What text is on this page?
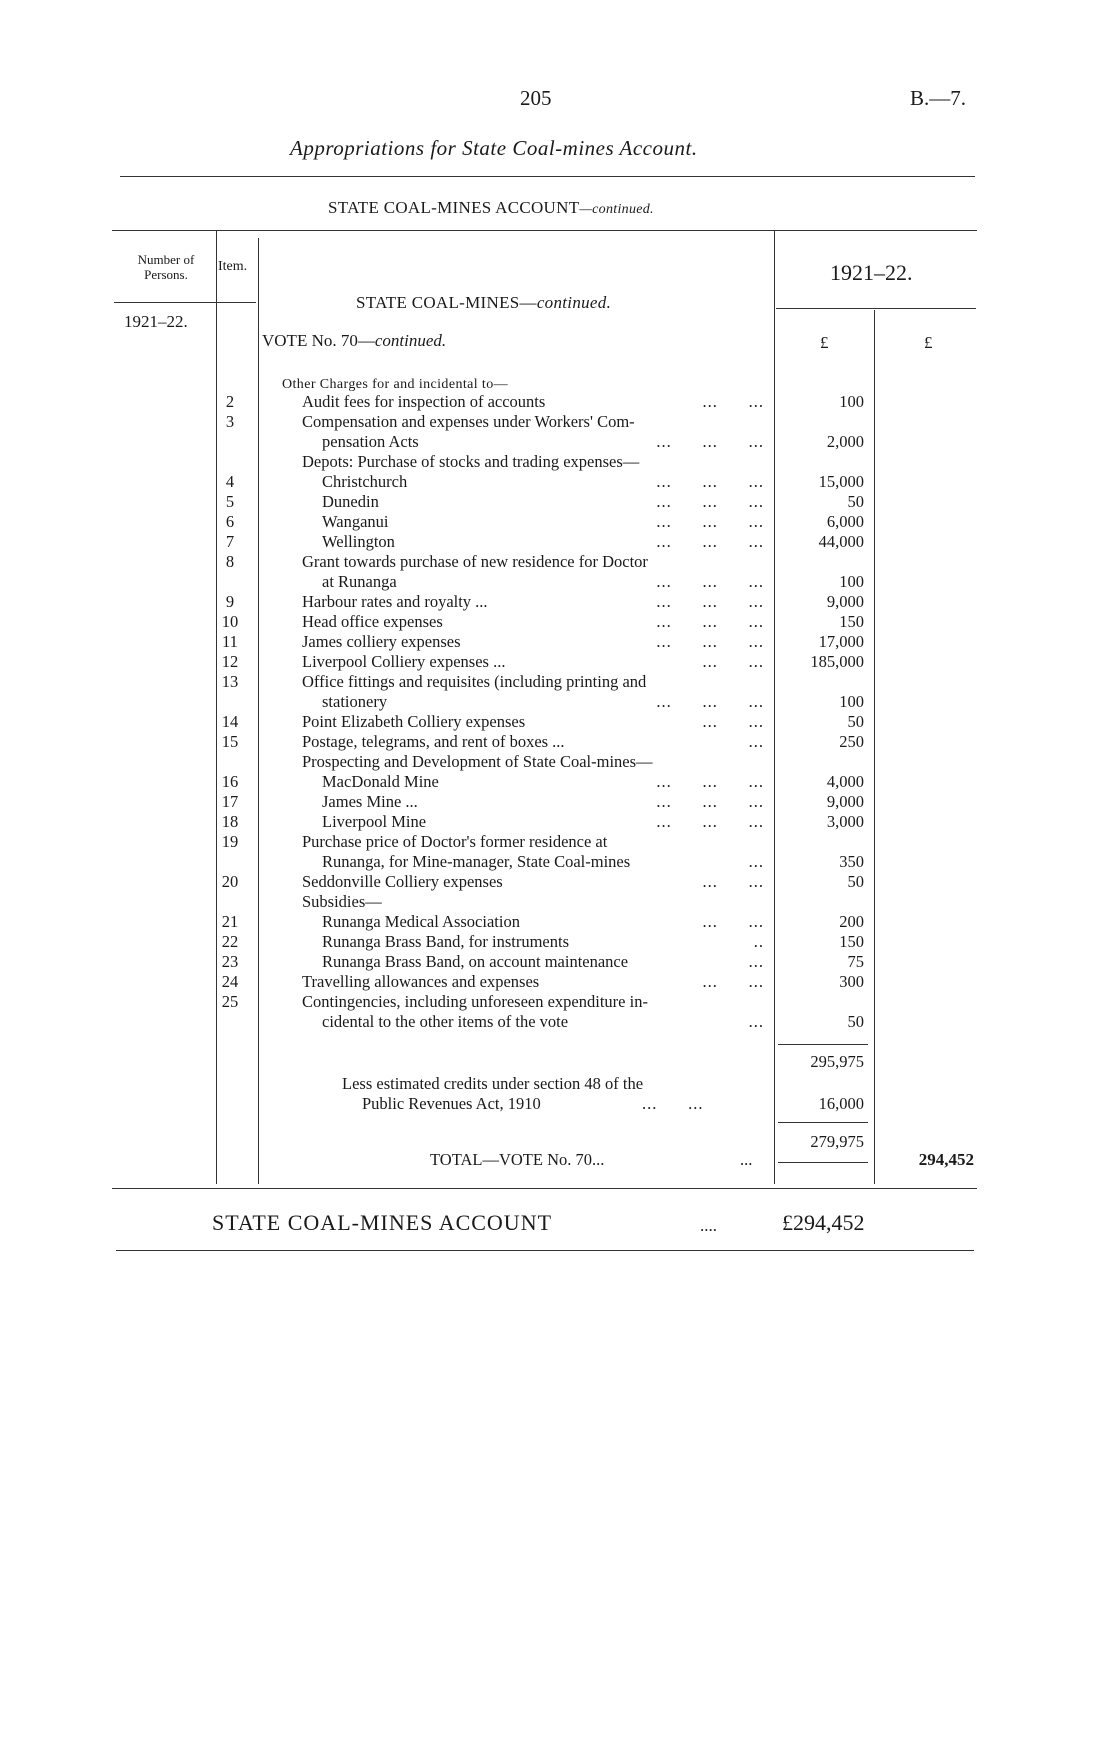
205	B.—7.
Appropriations for State Coal-mines Account.
STATE COAL-MINES ACCOUNT—continued.
Number of Persons.
Item.	1921–22.
1921–22.
STATE COAL-MINES—continued.
VOTE No. 70—continued.	£	£
Other Charges for and incidental to—
2	Audit fees for inspection of accounts	...      ...	100
3	Compensation and expenses under Workers' Com-
pensation Acts	...      ...      ...	2,000
Depots: Purchase of stocks and trading expenses—
4	Christchurch	...      ...      ...	15,000
5	Dunedin	...      ...      ...	50
6	Wanganui	...      ...      ...	6,000
7	Wellington	...      ...      ...	44,000
8	Grant towards purchase of new residence for Doctor
at Runanga	...      ...      ...	100
9	Harbour rates and royalty ...	...      ...      ...	9,000
10	Head office expenses	...      ...      ...	150
11	James colliery expenses	...      ...      ...	17,000
12	Liverpool Colliery expenses ...	...      ...	185,000
13	Office fittings and requisites (including printing and
stationery	...      ...      ...	100
14	Point Elizabeth Colliery expenses	...      ...	50
15	Postage, telegrams, and rent of boxes ...	...	250
Prospecting and Development of State Coal-mines—
16	MacDonald Mine	...      ...      ...	4,000
17	James Mine ...	...      ...      ...	9,000
18	Liverpool Mine	...      ...      ...	3,000
19	Purchase price of Doctor's former residence at
Runanga, for Mine-manager, State Coal-mines	...	350
20	Seddonville Colliery expenses	...      ...	50
Subsidies—
21	Runanga Medical Association	...      ...	200
22	Runanga Brass Band, for instruments	..	150
23	Runanga Brass Band, on account maintenance	...	75
24	Travelling allowances and expenses	...      ...	300
25	Contingencies, including unforeseen expenditure in-
cidental to the other items of the vote	...	50
295,975
Less estimated credits under section 48 of the
Public Revenues Act, 1910	...      ...	16,000
279,975
TOTAL—VOTE No. 70...	...	294,452
STATE COAL-MINES ACCOUNT	....	£294,452
